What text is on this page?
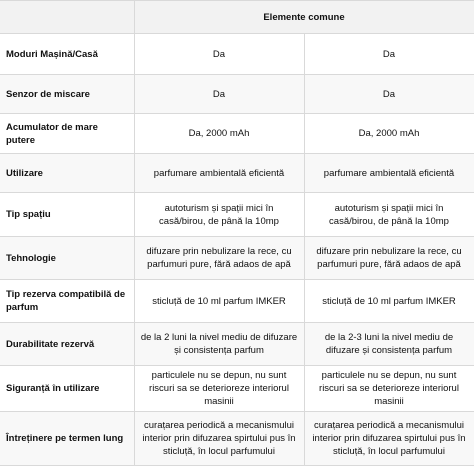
	Elemente comune	
Moduri Mașină/Casă	Da	Da
Senzor de miscare	Da	Da
Acumulator de mare putere	Da, 2000 mAh	Da, 2000 mAh
Utilizare	parfumare ambientală eficientă	parfumare ambientală eficientă
Tip spațiu	autoturism și spații mici în casă/birou, de până la 10mp	autoturism și spații mici în casă/birou, de până la 10mp
Tehnologie	difuzare prin nebulizare la rece, cu parfumuri pure, fără adaos de apă	difuzare prin nebulizare la rece, cu parfumuri pure, fără adaos de apă
Tip rezerva compatibilă de parfum	sticluță de 10 ml parfum IMKER	sticluță de 10 ml parfum IMKER
Durabilitate rezervă	de la 2 luni la nivel mediu de difuzare și consistența parfum	de la 2-3 luni la nivel mediu de difuzare și consistența parfum
Siguranță în utilizare	particulele nu se depun, nu sunt riscuri sa se deterioreze interiorul masinii	particulele nu se depun, nu sunt riscuri sa se deterioreze interiorul masinii
Întreținere pe termen lung	curațarea periodică a mecanismului interior prin difuzarea spirtului pus în sticluță, în locul parfumului	curațarea periodică a mecanismului interior prin difuzarea spirtului pus în sticluță, în locul parfumului
